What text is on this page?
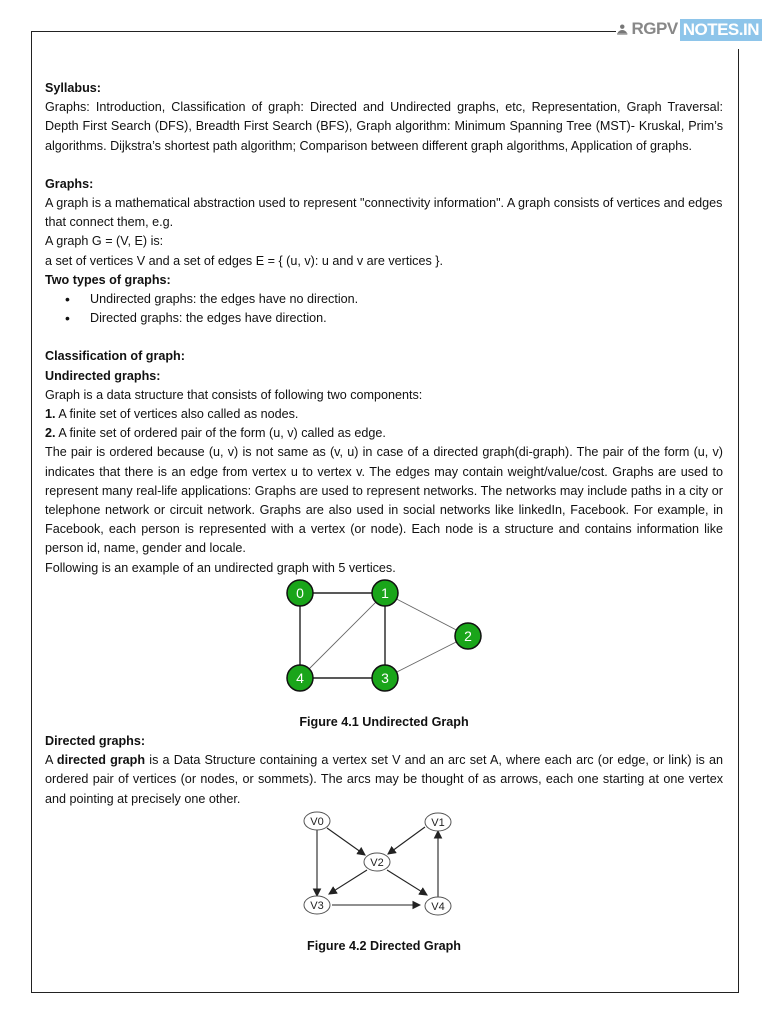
RGPV NOTES.IN

Syllabus:

Graphs: Introduction, Classification of graph: Directed and Undirected graphs, etc, Representation, Graph Traversal: Depth First Search (DFS), Breadth First Search (BFS), Graph algorithm: Minimum Spanning Tree (MST)- Kruskal, Prim’s algorithms. Dijkstra’s shortest path algorithm; Comparison between different graph algorithms, Application of graphs.

Graphs:

A graph is a mathematical abstraction used to represent "connectivity information". A graph consists of vertices and edges that connect them, e.g.

A graph G = (V, E) is:

a set of vertices V and a set of edges E = { (u, v): u and v are vertices }.

Two types of graphs:

• Undirected graphs: the edges have no direction.
• Directed graphs: the edges have direction.

Classification of graph:

Undirected graphs:

Graph is a data structure that consists of following two components:

1. A finite set of vertices also called as nodes.

2. A finite set of ordered pair of the form (u, v) called as edge.

The pair is ordered because (u, v) is not same as (v, u) in case of a directed graph(di-graph). The pair of the form (u, v) indicates that there is an edge from vertex u to vertex v. The edges may contain weight/value/cost. Graphs are used to represent many real-life applications: Graphs are used to represent networks. The networks may include paths in a city or telephone network or circuit network. Graphs are also used in social networks like linkedIn, Facebook. For example, in Facebook, each person is represented with a vertex (or node). Each node is a structure and contains information like person id, name, gender and locale.

Following is an example of an undirected graph with 5 vertices.

0	1
2
3
4

Figure 4.1 Undirected Graph

Directed graphs:

A directed graph is a Data Structure containing a vertex set V and an arc set A, where each arc (or edge, or link) is an ordered pair of vertices (or nodes, or sommets). The arcs may be thought of as arrows, each one starting at one vertex and pointing at precisely one other.

V0	V1
V2
V3	V4

Figure 4.2 Directed Graph
